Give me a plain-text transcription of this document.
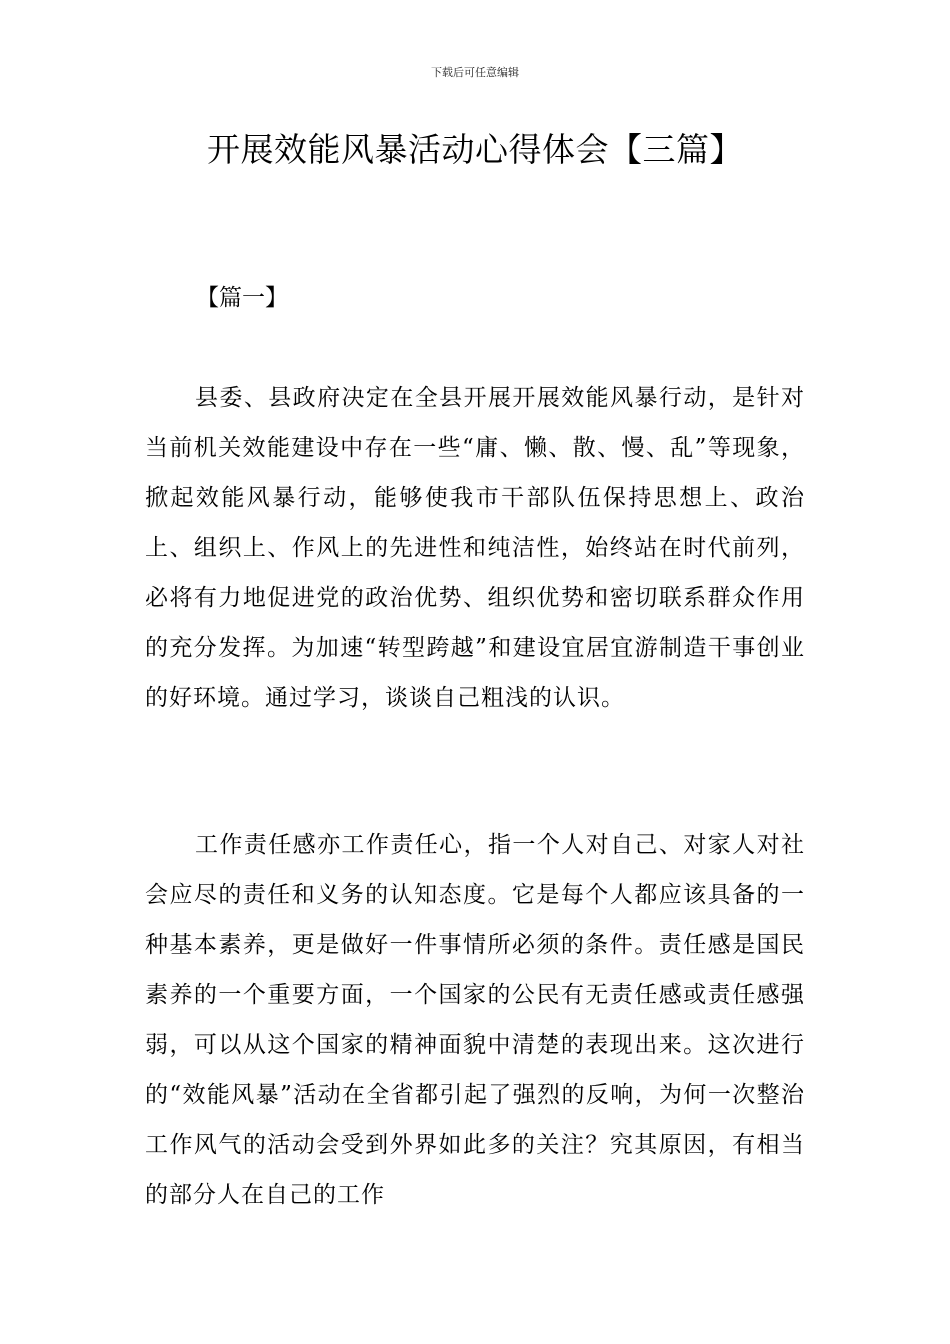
下载后可任意编辑
开展效能风暴活动心得体会【三篇】
【篇一】

县委、县政府决定在全县开展开展效能风暴行动，是针对当前机关效能建设中存在一些“庸、懒、散、慢、乱”等现象，掀起效能风暴行动，能够使我市干部队伍保持思想上、政治上、组织上、作风上的先进性和纯洁性，始终站在时代前列，必将有力地促进党的政治优势、组织优势和密切联系群众作用的充分发挥。为加速“转型跨越”和建设宜居宜游制造干事创业的好环境。通过学习，谈谈自己粗浅的认识。

工作责任感亦工作责任心，指一个人对自己、对家人对社会应尽的责任和义务的认知态度。它是每个人都应该具备的一种基本素养，更是做好一件事情所必须的条件。责任感是国民素养的一个重要方面，一个国家的公民有无责任感或责任感强弱，可以从这个国家的精神面貌中清楚的表现出来。这次进行的“效能风暴”活动在全省都引起了强烈的反响，为何一次整治工作风气的活动会受到外界如此多的关注？究其原因，有相当的部分人在自己的工作
